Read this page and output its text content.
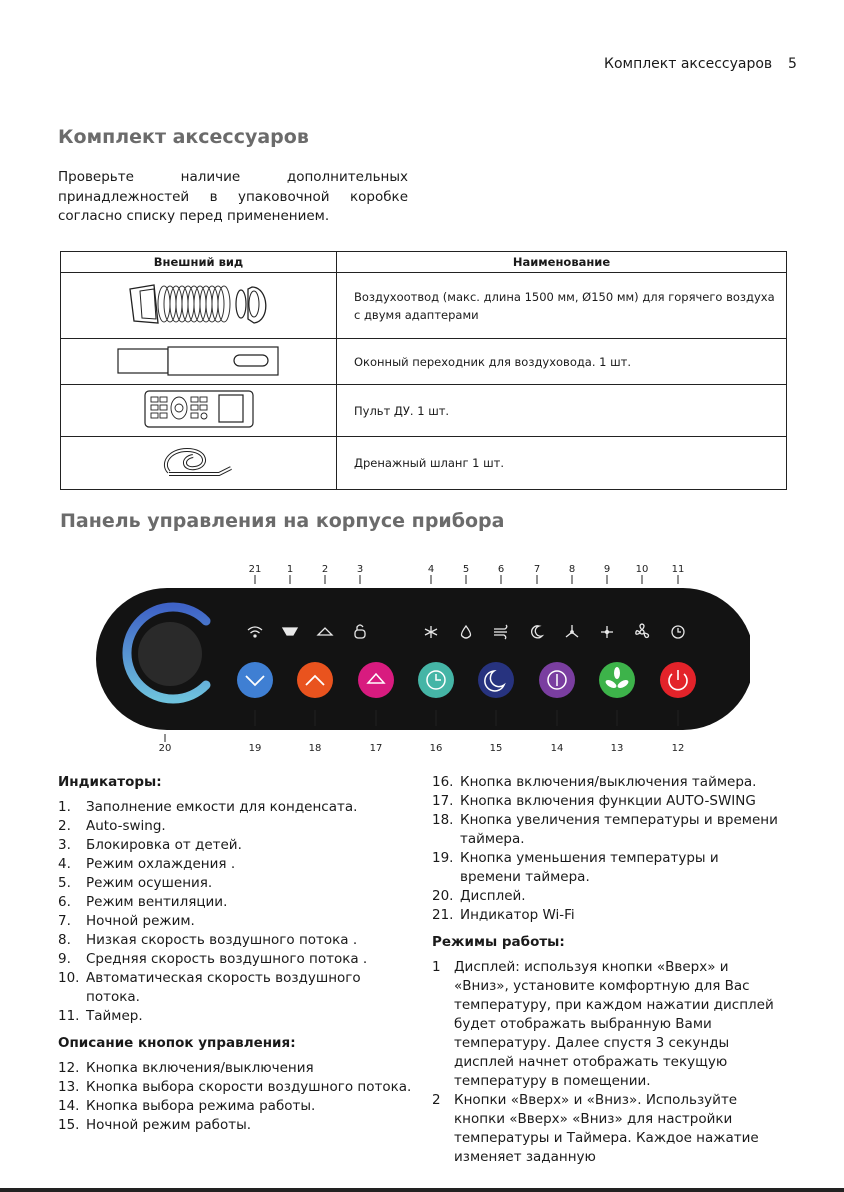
Комплект аксессуаров 5
Комплект аксессуаров

Проверьте наличие дополнительных принадлежностей в упаковочной коробке согласно списку перед применением.

Внешний вид	Наименование
	Воздухоотвод (макс. длина 1500 мм, Ø150 мм) для горячего воздуха с двумя адаптерами
	Оконный переходник для воздуховода. 1 шт.
	Пульт ДУ. 1 шт.
	Дренажный шланг 1 шт.
Панель управления на корпусе прибора
21	1	2	3	4	5	6	7	8	9	10 11
20	19	18	17	16	15	14	13	12
Индикаторы:
1.	Заполнение емкости для конденсата.
2.	Auto-swing.
3.	Блокировка от детей.
4.	Режим охлаждения .
5.	Режим осушения.
6.	Режим вентиляции.
7.	Ночной режим.
8.	Низкая скорость воздушного потока .
9.	Средняя скорость воздушного потока .
10. Автоматическая скорость воздушного потока.
11. Таймер.
Описание кнопок управления:
12. Кнопка включения/выключения
13. Кнопка выбора скорости воздушного потока.
14. Кнопка выбора режима работы.
15. Ночной режим работы.
16. Кнопка включения/выключения таймера.
17. Кнопка включения функции AUTO-SWING
18. Кнопка увеличения температуры и времени таймера.
19. Кнопка уменьшения температуры и времени таймера.
20. Дисплей.
21. Индикатор Wi-Fi
Режимы работы:
1 Дисплей: используя кнопки «Вверх» и «Вниз», установите комфортную для Вас температуру, при каждом нажатии дисплей будет отображать выбранную Вами температуру. Далее спустя 3 секунды дисплей начнет отображать текущую температуру в помещении.
2 Кнопки «Вверх» и «Вниз». Используйте кнопки «Вверх» «Вниз» для настройки температуры и Таймера. Каждое нажатие изменяет заданную
